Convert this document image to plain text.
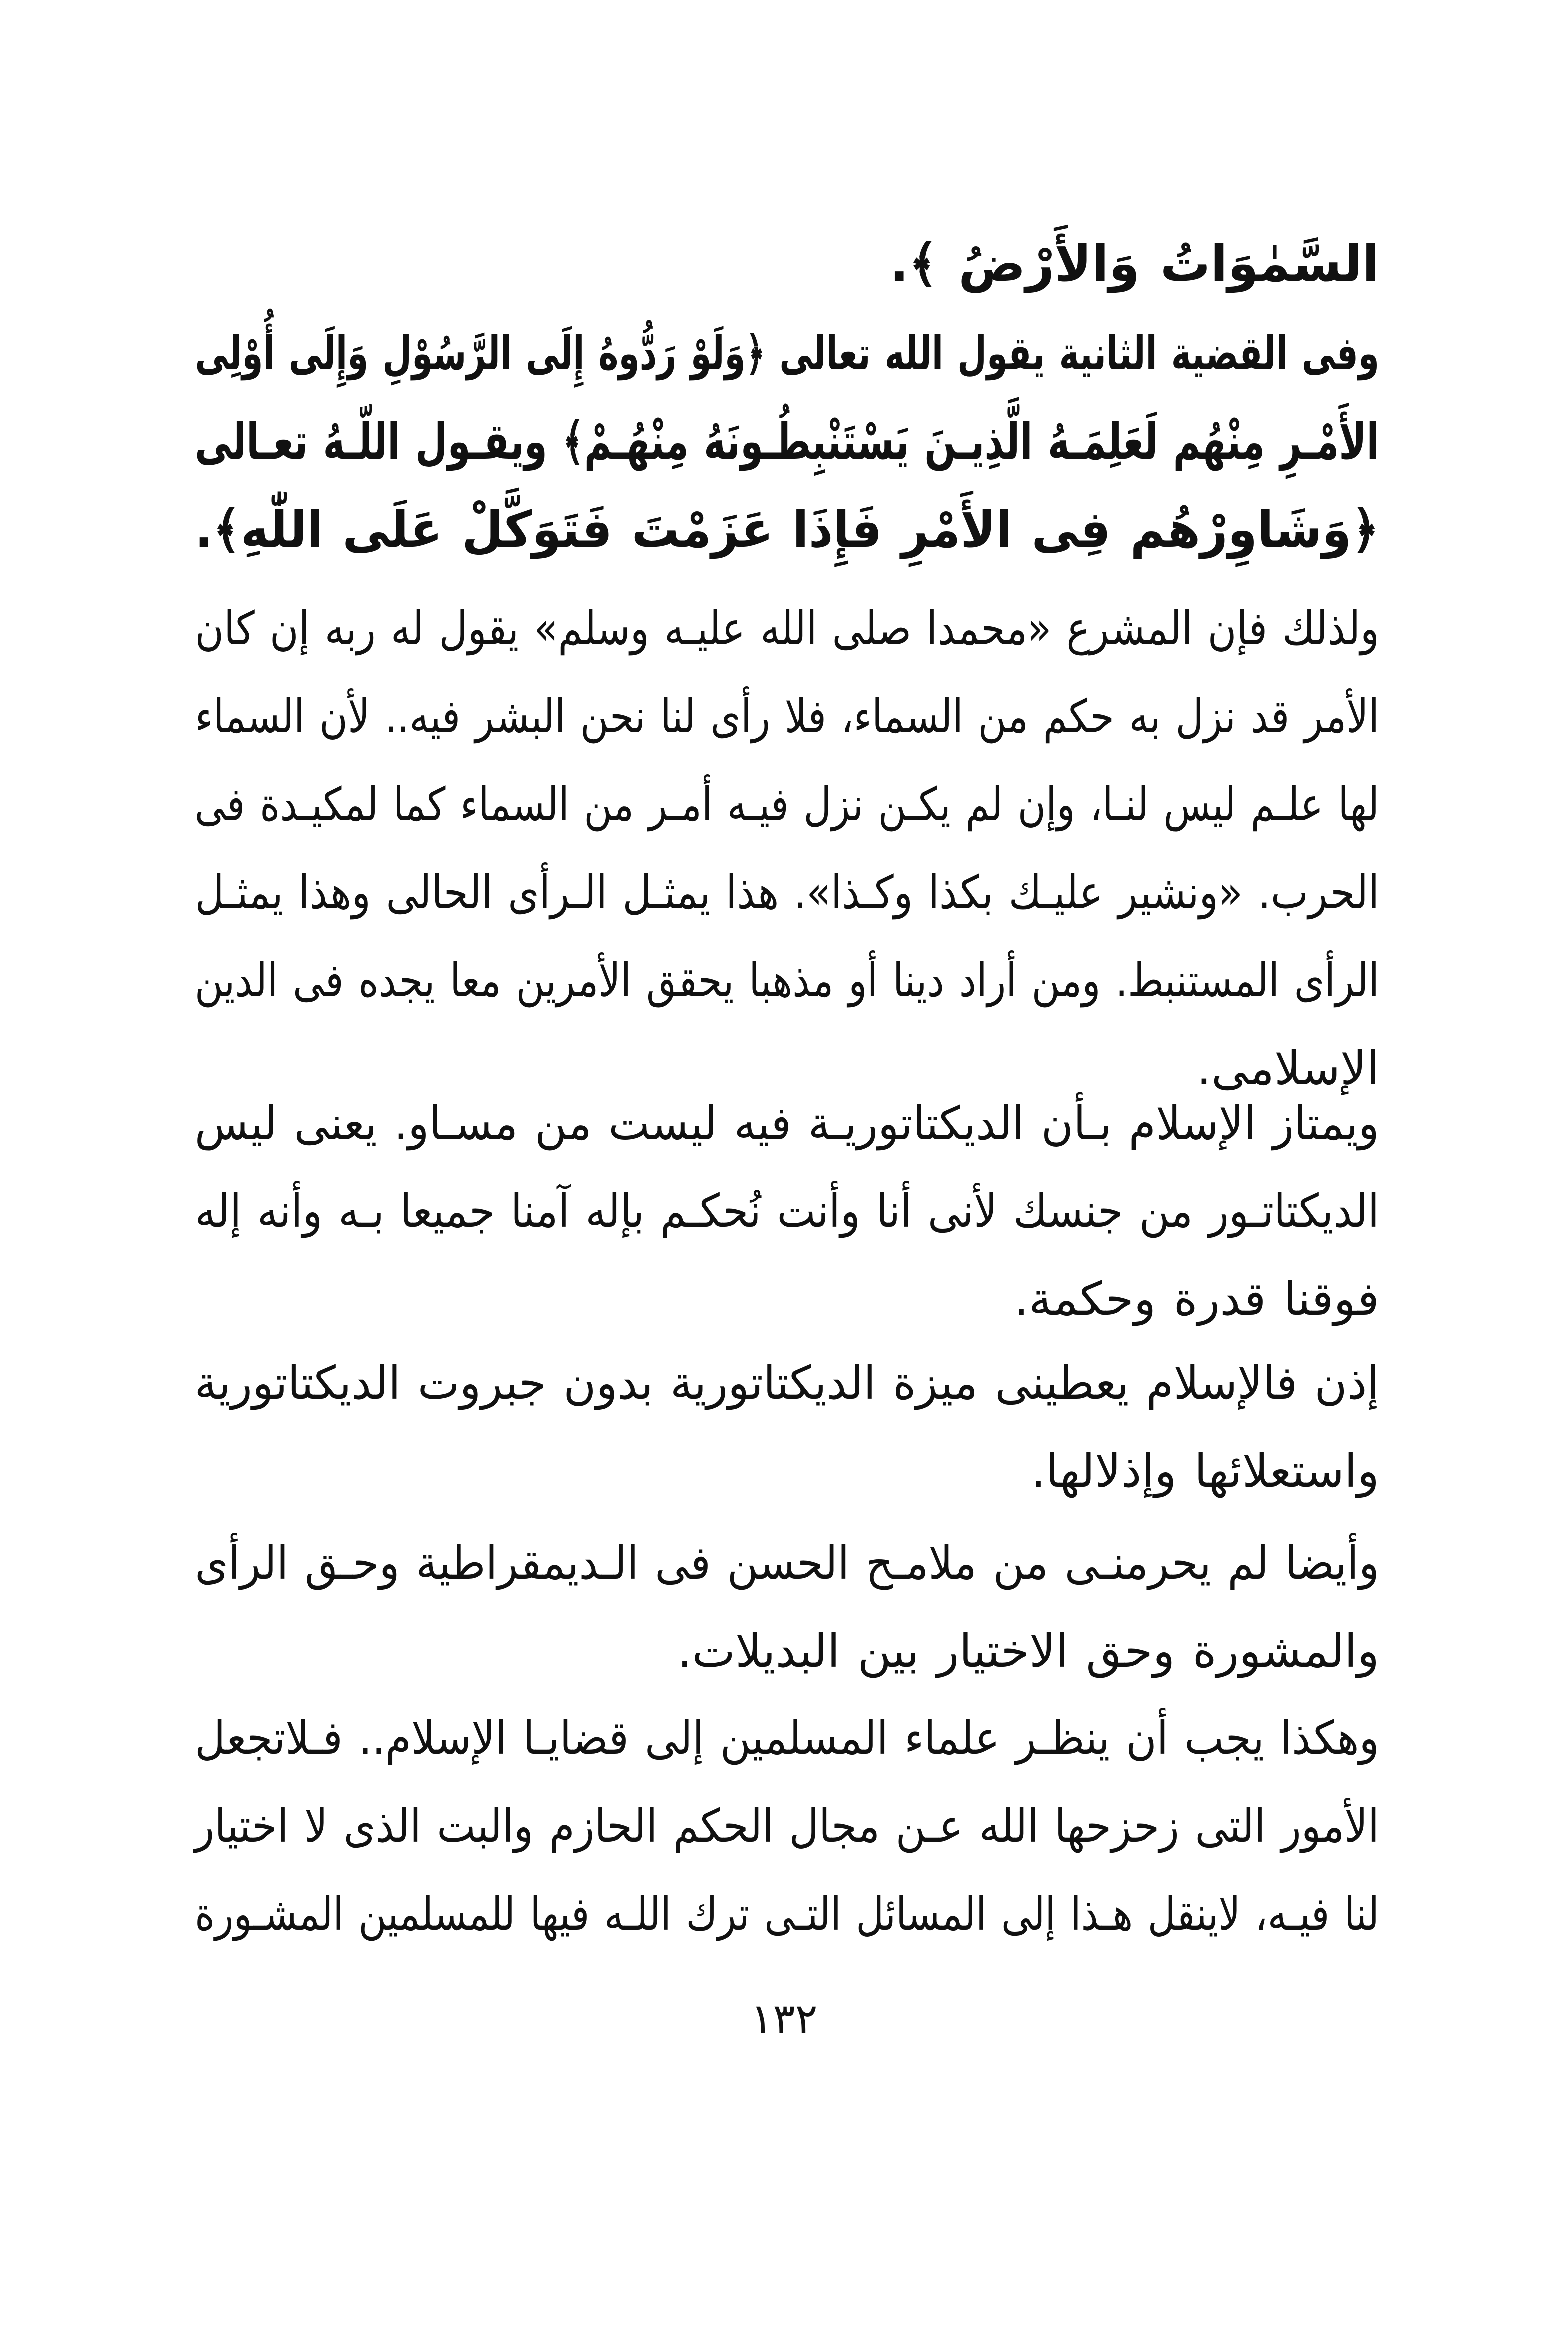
السَّمٰوَاتُ وَالأَرْضُ ﴾.
وفى القضية الثانية يقول الله تعالى ﴿وَلَوْ رَدُّوهُ إِلَى الرَّسُوْلِ وَإِلَى أُوْلِى
الأَمْـرِ مِنْهُم لَعَلِمَـهُ الَّذِيـنَ يَسْتَنْبِطُـونَهُ مِنْهُـمْ﴾ ويقـول اللّـهُ تعـالى
﴿وَشَاوِرْهُم فِى الأَمْرِ فَإِذَا عَزَمْتَ فَتَوَكَّلْ عَلَى اللّٰهِ﴾.
ولذلك فإن المشرع «محمدا صلى الله عليـه وسلم» يقول له ربه إن كان
الأمر قد نزل به حكم من السماء، فلا رأى لنا نحن البشر فيه.. لأن السماء
لها علـم ليس لنـا، وإن لم يكـن نزل فيـه أمـر من السماء كما لمكيـدة فى
الحرب. «ونشير عليـك بكذا وكـذا». هذا يمثـل الـرأى الحالى وهذا يمثـل
الرأى المستنبط. ومن أراد دينا أو مذهبا يحقق الأمرين معا يجده فى الدين
الإسلامى.
ويمتاز الإسلام بـأن الديكتاتوريـة فيه ليست من مسـاو. يعنى ليس
الديكتاتـور من جنسك لأنى أنا وأنت نُحكـم بإله آمنا جميعا بـه وأنه إله
فوقنا قدرة وحكمة.
إذن فالإسلام يعطينى ميزة الديكتاتورية بدون جبروت الديكتاتورية
واستعلائها وإذلالها.
وأيضا لم يحرمنـى من ملامـح الحسن فى الـديمقراطية وحـق الرأى
والمشورة وحق الاختيار بين البديلات.
وهكذا يجب أن ينظـر علماء المسلمين إلى قضايـا الإسلام.. فـلاتجعل
الأمور التى زحزحها الله عـن مجال الحكم الحازم والبت الذى لا اختيار
لنا فيـه، لاينقل هـذا إلى المسائل التـى ترك اللـه فيها للمسلمين المشـورة
١٣٢
